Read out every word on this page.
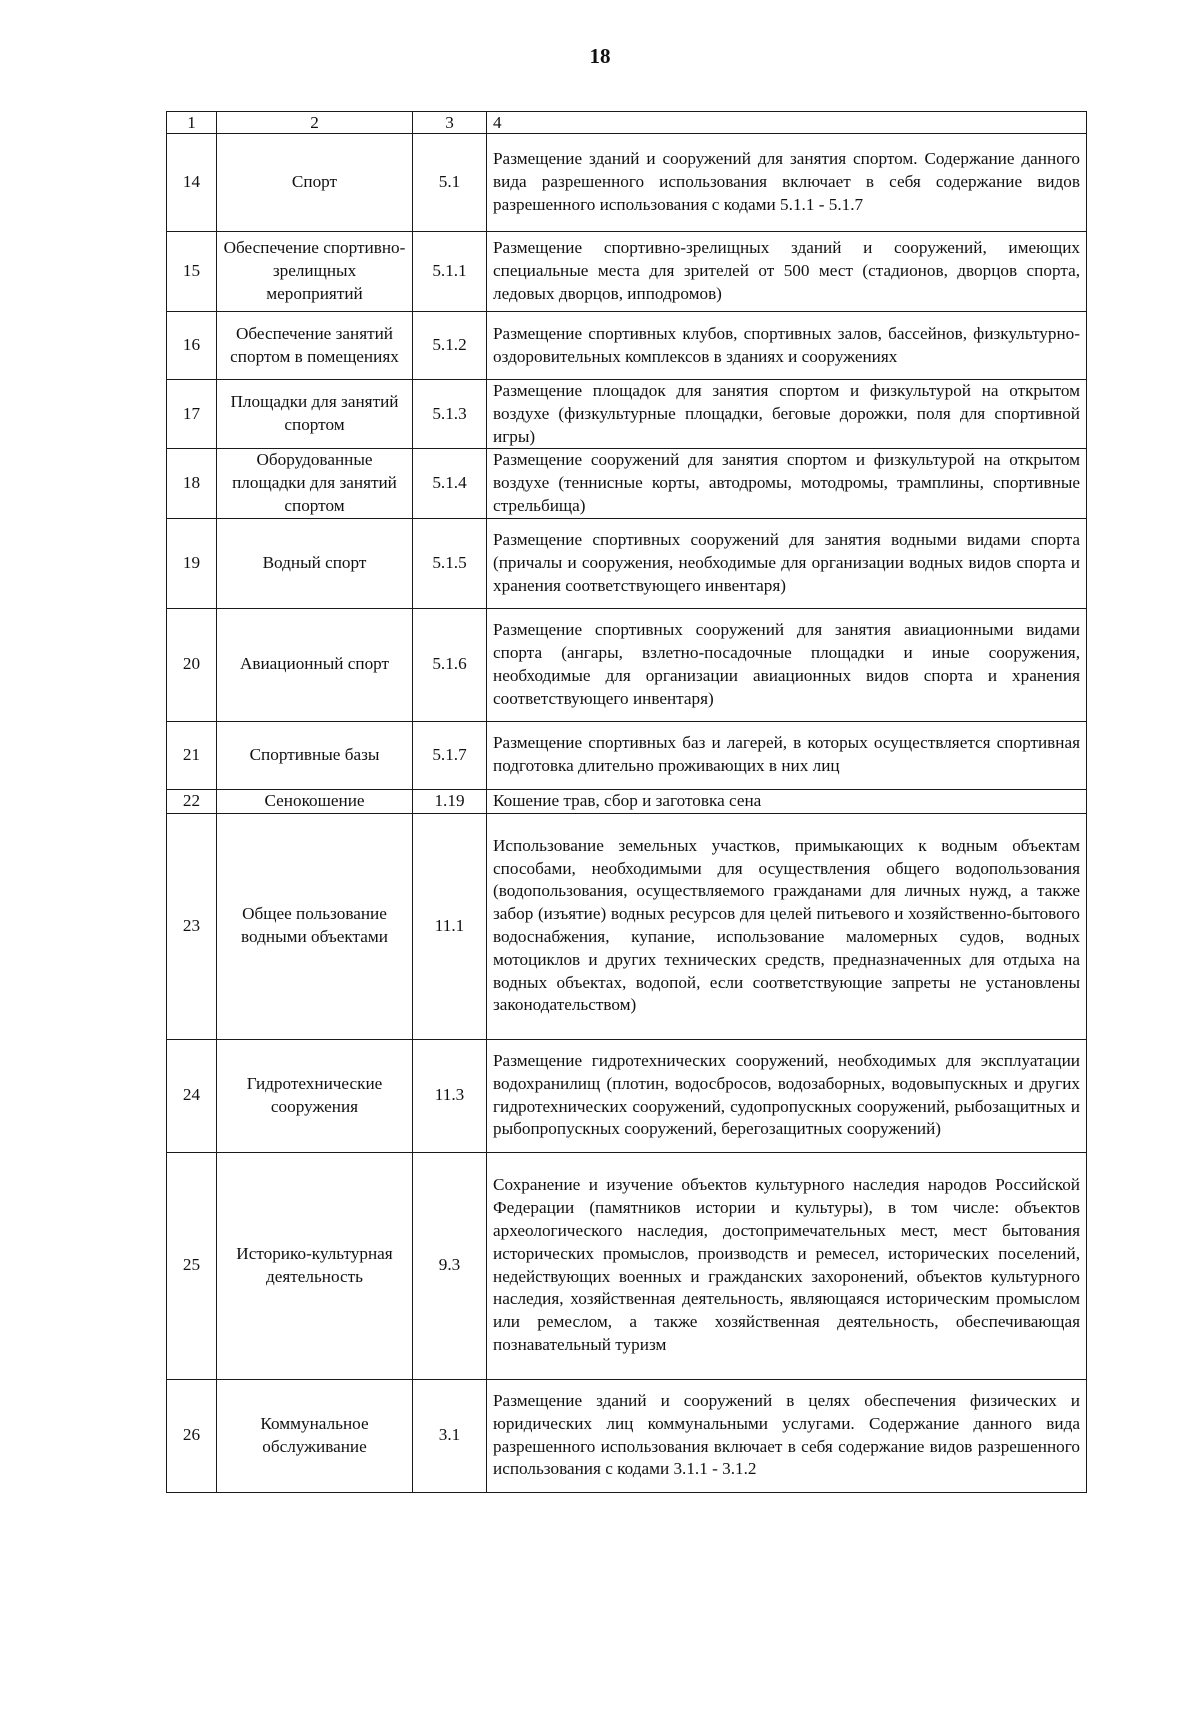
18
1	2	3	4
14	Спорт	5.1	Размещение зданий и сооружений для занятия спортом. Содержание данного вида разрешенного использования включает в себя содержание видов разрешенного использования с кодами 5.1.1 - 5.1.7
15	Обеспечение спортивно-зрелищных мероприятий	5.1.1	Размещение спортивно-зрелищных зданий и сооружений, имеющих специальные места для зрителей от 500 мест (стадионов, дворцов спорта, ледовых дворцов, ипподромов)
16	Обеспечение занятий спортом в помещениях	5.1.2	Размещение спортивных клубов, спортивных залов, бассейнов, физкультурно-оздоровительных комплексов в зданиях и сооружениях
17	Площадки для занятий спортом	5.1.3	Размещение площадок для занятия спортом и физкультурой на открытом воздухе (физкультурные площадки, беговые дорожки, поля для спортивной игры)
18	Оборудованные площадки для занятий спортом	5.1.4	Размещение сооружений для занятия спортом и физкультурой на открытом воздухе (теннисные корты, автодромы, мотодромы, трамплины, спортивные стрельбища)
19	Водный спорт	5.1.5	Размещение спортивных сооружений для занятия водными видами спорта (причалы и сооружения, необходимые для организации водных видов спорта и хранения соответствующего инвентаря)
20	Авиационный спорт	5.1.6	Размещение спортивных сооружений для занятия авиационными видами спорта (ангары, взлетно-посадочные площадки и иные сооружения, необходимые для организации авиационных видов спорта и хранения соответствующего инвентаря)
21	Спортивные базы	5.1.7	Размещение спортивных баз и лагерей, в которых осуществляется спортивная подготовка длительно проживающих в них лиц
22	Сенокошение	1.19	Кошение трав, сбор и заготовка сена
23	Общее пользование водными объектами	11.1	Использование земельных участков, примыкающих к водным объектам способами, необходимыми для осуществления общего водопользования (водопользования, осуществляемого гражданами для личных нужд, а также забор (изъятие) водных ресурсов для целей питьевого и хозяйственно-бытового водоснабжения, купание, использование маломерных судов, водных мотоциклов и других технических средств, предназначенных для отдыха на водных объектах, водопой, если соответствующие запреты не установлены законодательством)
24	Гидротехнические сооружения	11.3	Размещение гидротехнических сооружений, необходимых для эксплуатации водохранилищ (плотин, водосбросов, водозаборных, водовыпускных и других гидротехнических сооружений, судопропускных сооружений, рыбозащитных и рыбопропускных сооружений, берегозащитных сооружений)
25	Историко-культурная деятельность	9.3	Сохранение и изучение объектов культурного наследия народов Российской Федерации (памятников истории и культуры), в том числе: объектов археологического наследия, достопримечательных мест, мест бытования исторических промыслов, производств и ремесел, исторических поселений, недействующих военных и гражданских захоронений, объектов культурного наследия, хозяйственная деятельность, являющаяся историческим промыслом или ремеслом, а также хозяйственная деятельность, обеспечивающая познавательный туризм
26	Коммунальное обслуживание	3.1	Размещение зданий и сооружений в целях обеспечения физических и юридических лиц коммунальными услугами. Содержание данного вида разрешенного использования включает в себя содержание видов разрешенного использования с кодами 3.1.1 - 3.1.2
